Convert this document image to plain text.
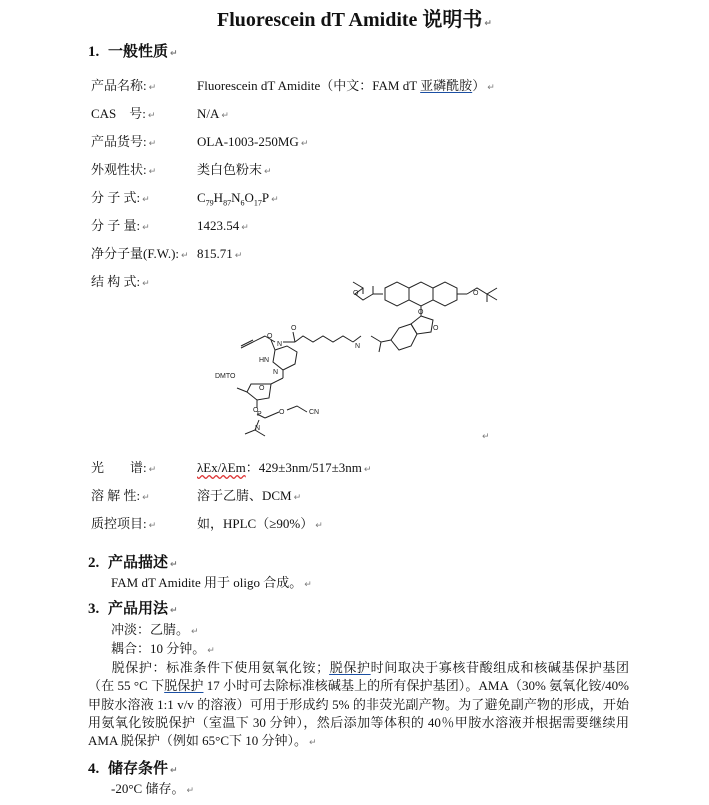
Fluorescein dT Amidite 说明书 ↵
1. 一般性质 ↵
产品名称: ↵	Fluorescein dT Amidite（中文：FAM dT 亚磷酰胺） ↵
CAS　号: ↵	N/A ↵
产品货号: ↵	OLA-1003-250MG ↵
外观性状: ↵	类白色粉末 ↵
分 子 式: ↵	$C_{79}H_{87}N_6O_{17}P$ ↵
分 子 量: ↵	1423.54 ↵
净分子量(F.W.): ↵ 815.71 ↵
结 构 式: ↵
O	O
O
O
N
O
N
O
HN
N
DMTO
O
O
P O	CN
N
↵
光　　谱: ↵	λEx/λEm：429±3nm/517±3nm ↵
溶 解 性: ↵	溶于乙腈、DCM ↵
质控项目: ↵	如，HPLC（≥90%） ↵
2. 产品描述 ↵
FAM dT Amidite 用于 oligo 合成。 ↵
3. 产品用法 ↵
冲淡：乙腈。 ↵
耦合：10 分钟。 ↵
脱保护：标准条件下使用氨氧化铵；脱保护时间取决于寡核苷酸组成和核碱基保护基团（在 55 °C 下脱保护 17 小时可去除标准核碱基上的所有保护基团）。AMA（30% 氨氧化铵/40% 甲胺水溶液 1:1 v/v 的溶液）可用于形成约 5% 的非荧光副产物。为了避免副产物的形成，开始用氨氧化铵脱保护（室温下 30 分钟），然后添加等体积的 40％甲胺水溶液并根据需要继续用 AMA 脱保护（例如 65°C下 10 分钟）。 ↵
4. 储存条件 ↵
-20°C 储存。 ↵
